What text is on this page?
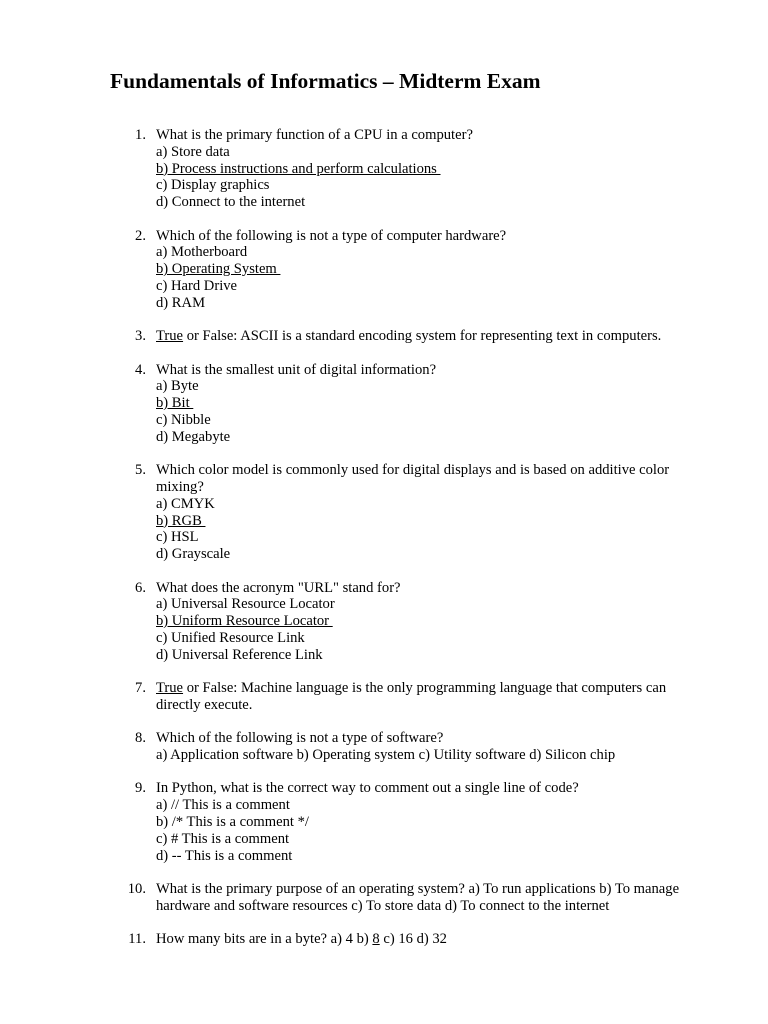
Fundamentals of Informatics – Midterm Exam
1. What is the primary function of a CPU in a computer?
a) Store data
b) Process instructions and perform calculations
c) Display graphics
d) Connect to the internet
2. Which of the following is not a type of computer hardware?
a) Motherboard
b) Operating System
c) Hard Drive
d) RAM
3. True or False: ASCII is a standard encoding system for representing text in computers.
4. What is the smallest unit of digital information?
a) Byte
b) Bit
c) Nibble
d) Megabyte
5. Which color model is commonly used for digital displays and is based on additive color mixing?
a) CMYK
b) RGB
c) HSL
d) Grayscale
6. What does the acronym "URL" stand for?
a) Universal Resource Locator
b) Uniform Resource Locator
c) Unified Resource Link
d) Universal Reference Link
7. True or False: Machine language is the only programming language that computers can directly execute.
8. Which of the following is not a type of software?
a) Application software b) Operating system c) Utility software d) Silicon chip
9. In Python, what is the correct way to comment out a single line of code?
a) // This is a comment
b) /* This is a comment */
c) # This is a comment
d) -- This is a comment
10. What is the primary purpose of an operating system? a) To run applications b) To manage hardware and software resources c) To store data d) To connect to the internet
11. How many bits are in a byte? a) 4 b) 8 c) 16 d) 32
